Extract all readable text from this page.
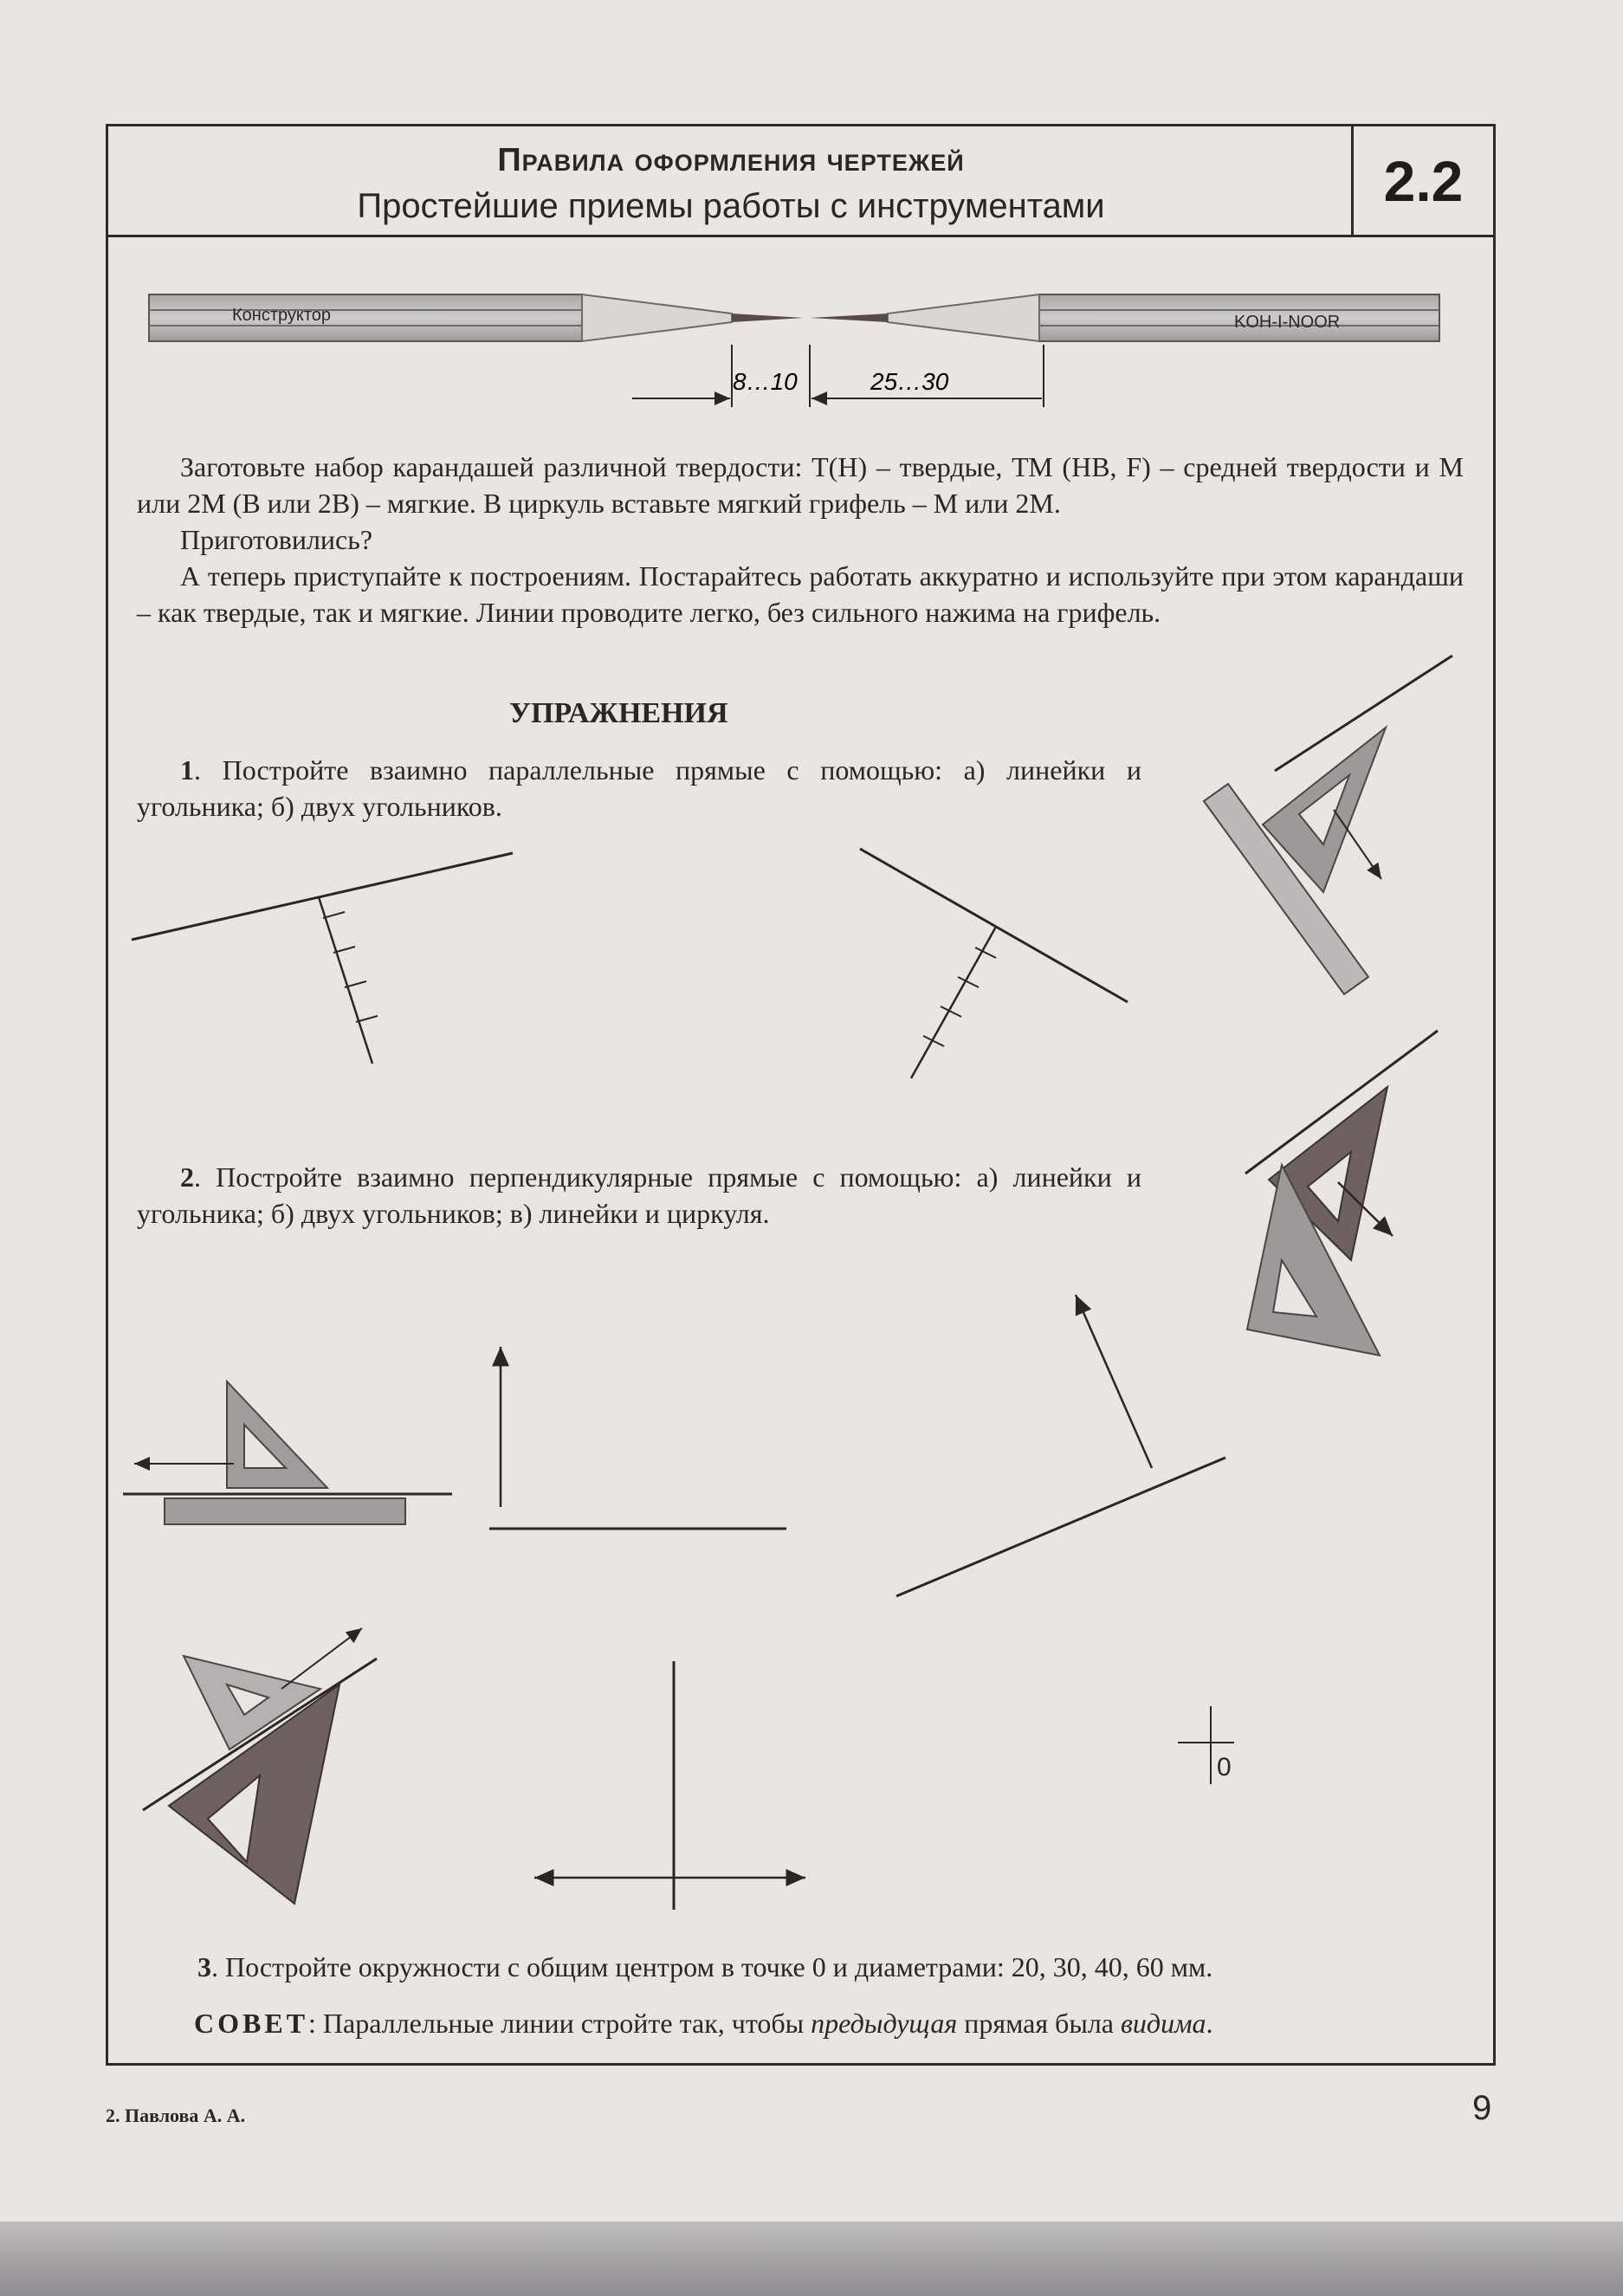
Правила оформления чертежей
Простейшие приемы работы с инструментами	2.2
Конструктор	KOH-I-NOOR
8…10	25…30
0
Заготовьте набор карандашей различной твердости: Т(Н) – твердые, ТМ (НВ, F) – средней твердости и М или 2М (В или 2В) – мягкие. В циркуль вставьте мягкий грифель – М или 2М.
Приготовились?
А теперь приступайте к построениям. Постарайтесь работать аккуратно и используйте при этом карандаши – как твердые, так и мягкие. Линии проводите легко, без сильного нажима на грифель.
УПРАЖНЕНИЯ
1. Постройте взаимно параллельные прямые с помощью: а) линейки и угольника; б) двух угольников.
2. Постройте взаимно перпендикулярные прямые с помощью: а) линейки и угольника; б) двух угольников; в) линейки и циркуля.
3. Постройте окружности с общим центром в точке 0 и диаметрами: 20, 30, 40, 60 мм.
СОВЕТ: Параллельные линии стройте так, чтобы предыдущая прямая была видима.
2. Павлова А. А.	9
